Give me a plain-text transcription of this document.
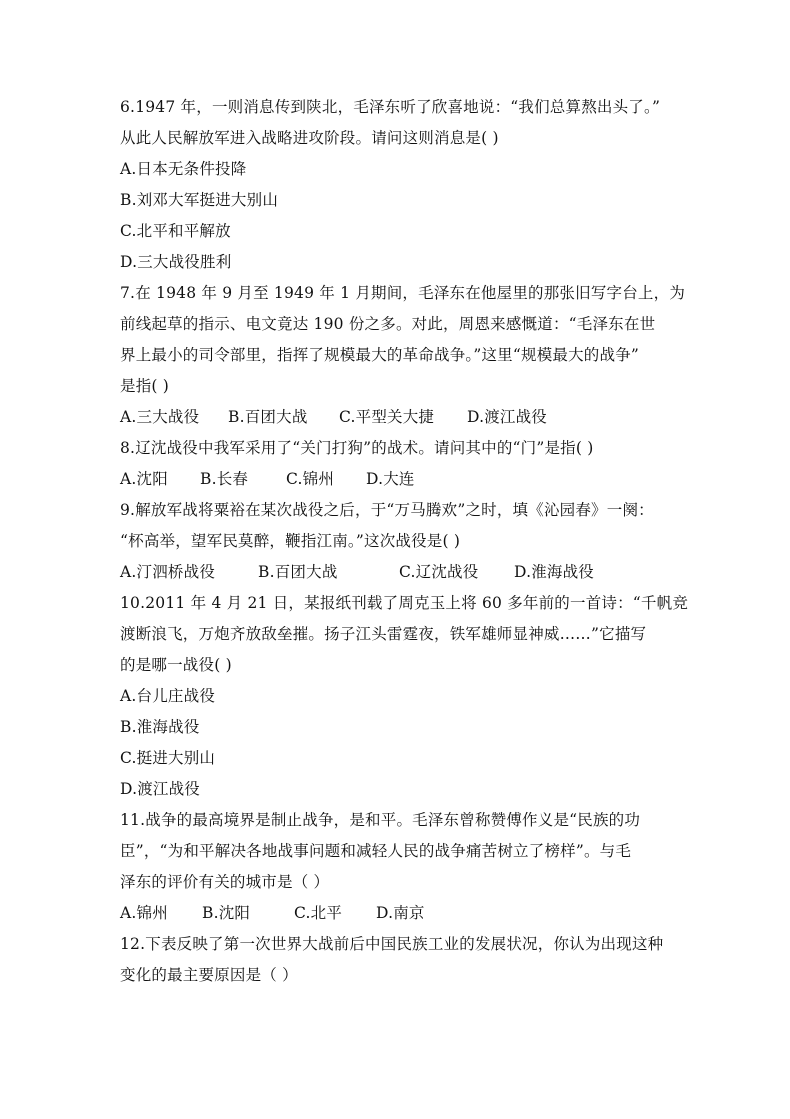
6.1947 年，一则消息传到陕北，毛泽东听了欣喜地说：“我们总算熬出头了。”
从此人民解放军进入战略进攻阶段。请问这则消息是( )
A.日本无条件投降
B.刘邓大军挺进大别山
C.北平和平解放
D.三大战役胜利
7.在 1948 年 9 月至 1949 年 1 月期间，毛泽东在他屋里的那张旧写字台上，为
前线起草的指示、电文竟达 190 份之多。对此，周恩来感慨道：“毛泽东在世
界上最小的司令部里，指挥了规模最大的革命战争。”这里“规模最大的战争”
是指( )
A.三大战役	B.百团大战	C.平型关大捷	D.渡江战役
8.辽沈战役中我军采用了“关门打狗”的战术。请问其中的“门”是指( )
A.沈阳	B.长春	C.锦州	D.大连
9.解放军战将粟裕在某次战役之后，于“万马腾欢”之时，填《沁园春》一阕：
“杯高举，望军民莫醉，鞭指江南。”这次战役是( )
A.汀泗桥战役	B.百团大战	C.辽沈战役	D.淮海战役
10.2011 年 4 月 21 日，某报纸刊载了周克玉上将 60 多年前的一首诗：“千帆竞
渡断浪飞，万炮齐放敌垒摧。扬子江头雷霆夜，铁军雄师显神威……”它描写
的是哪一战役( )
A.台儿庄战役
B.淮海战役
C.挺进大别山
D.渡江战役
11.战争的最高境界是制止战争，是和平。毛泽东曾称赞傅作义是“民族的功
臣”，“为和平解决各地战事问题和减轻人民的战争痛苦树立了榜样”。与毛
泽东的评价有关的城市是（ ）
A.锦州	B.沈阳	C.北平	D.南京
12.下表反映了第一次世界大战前后中国民族工业的发展状况，你认为出现这种
变化的最主要原因是（ ）
